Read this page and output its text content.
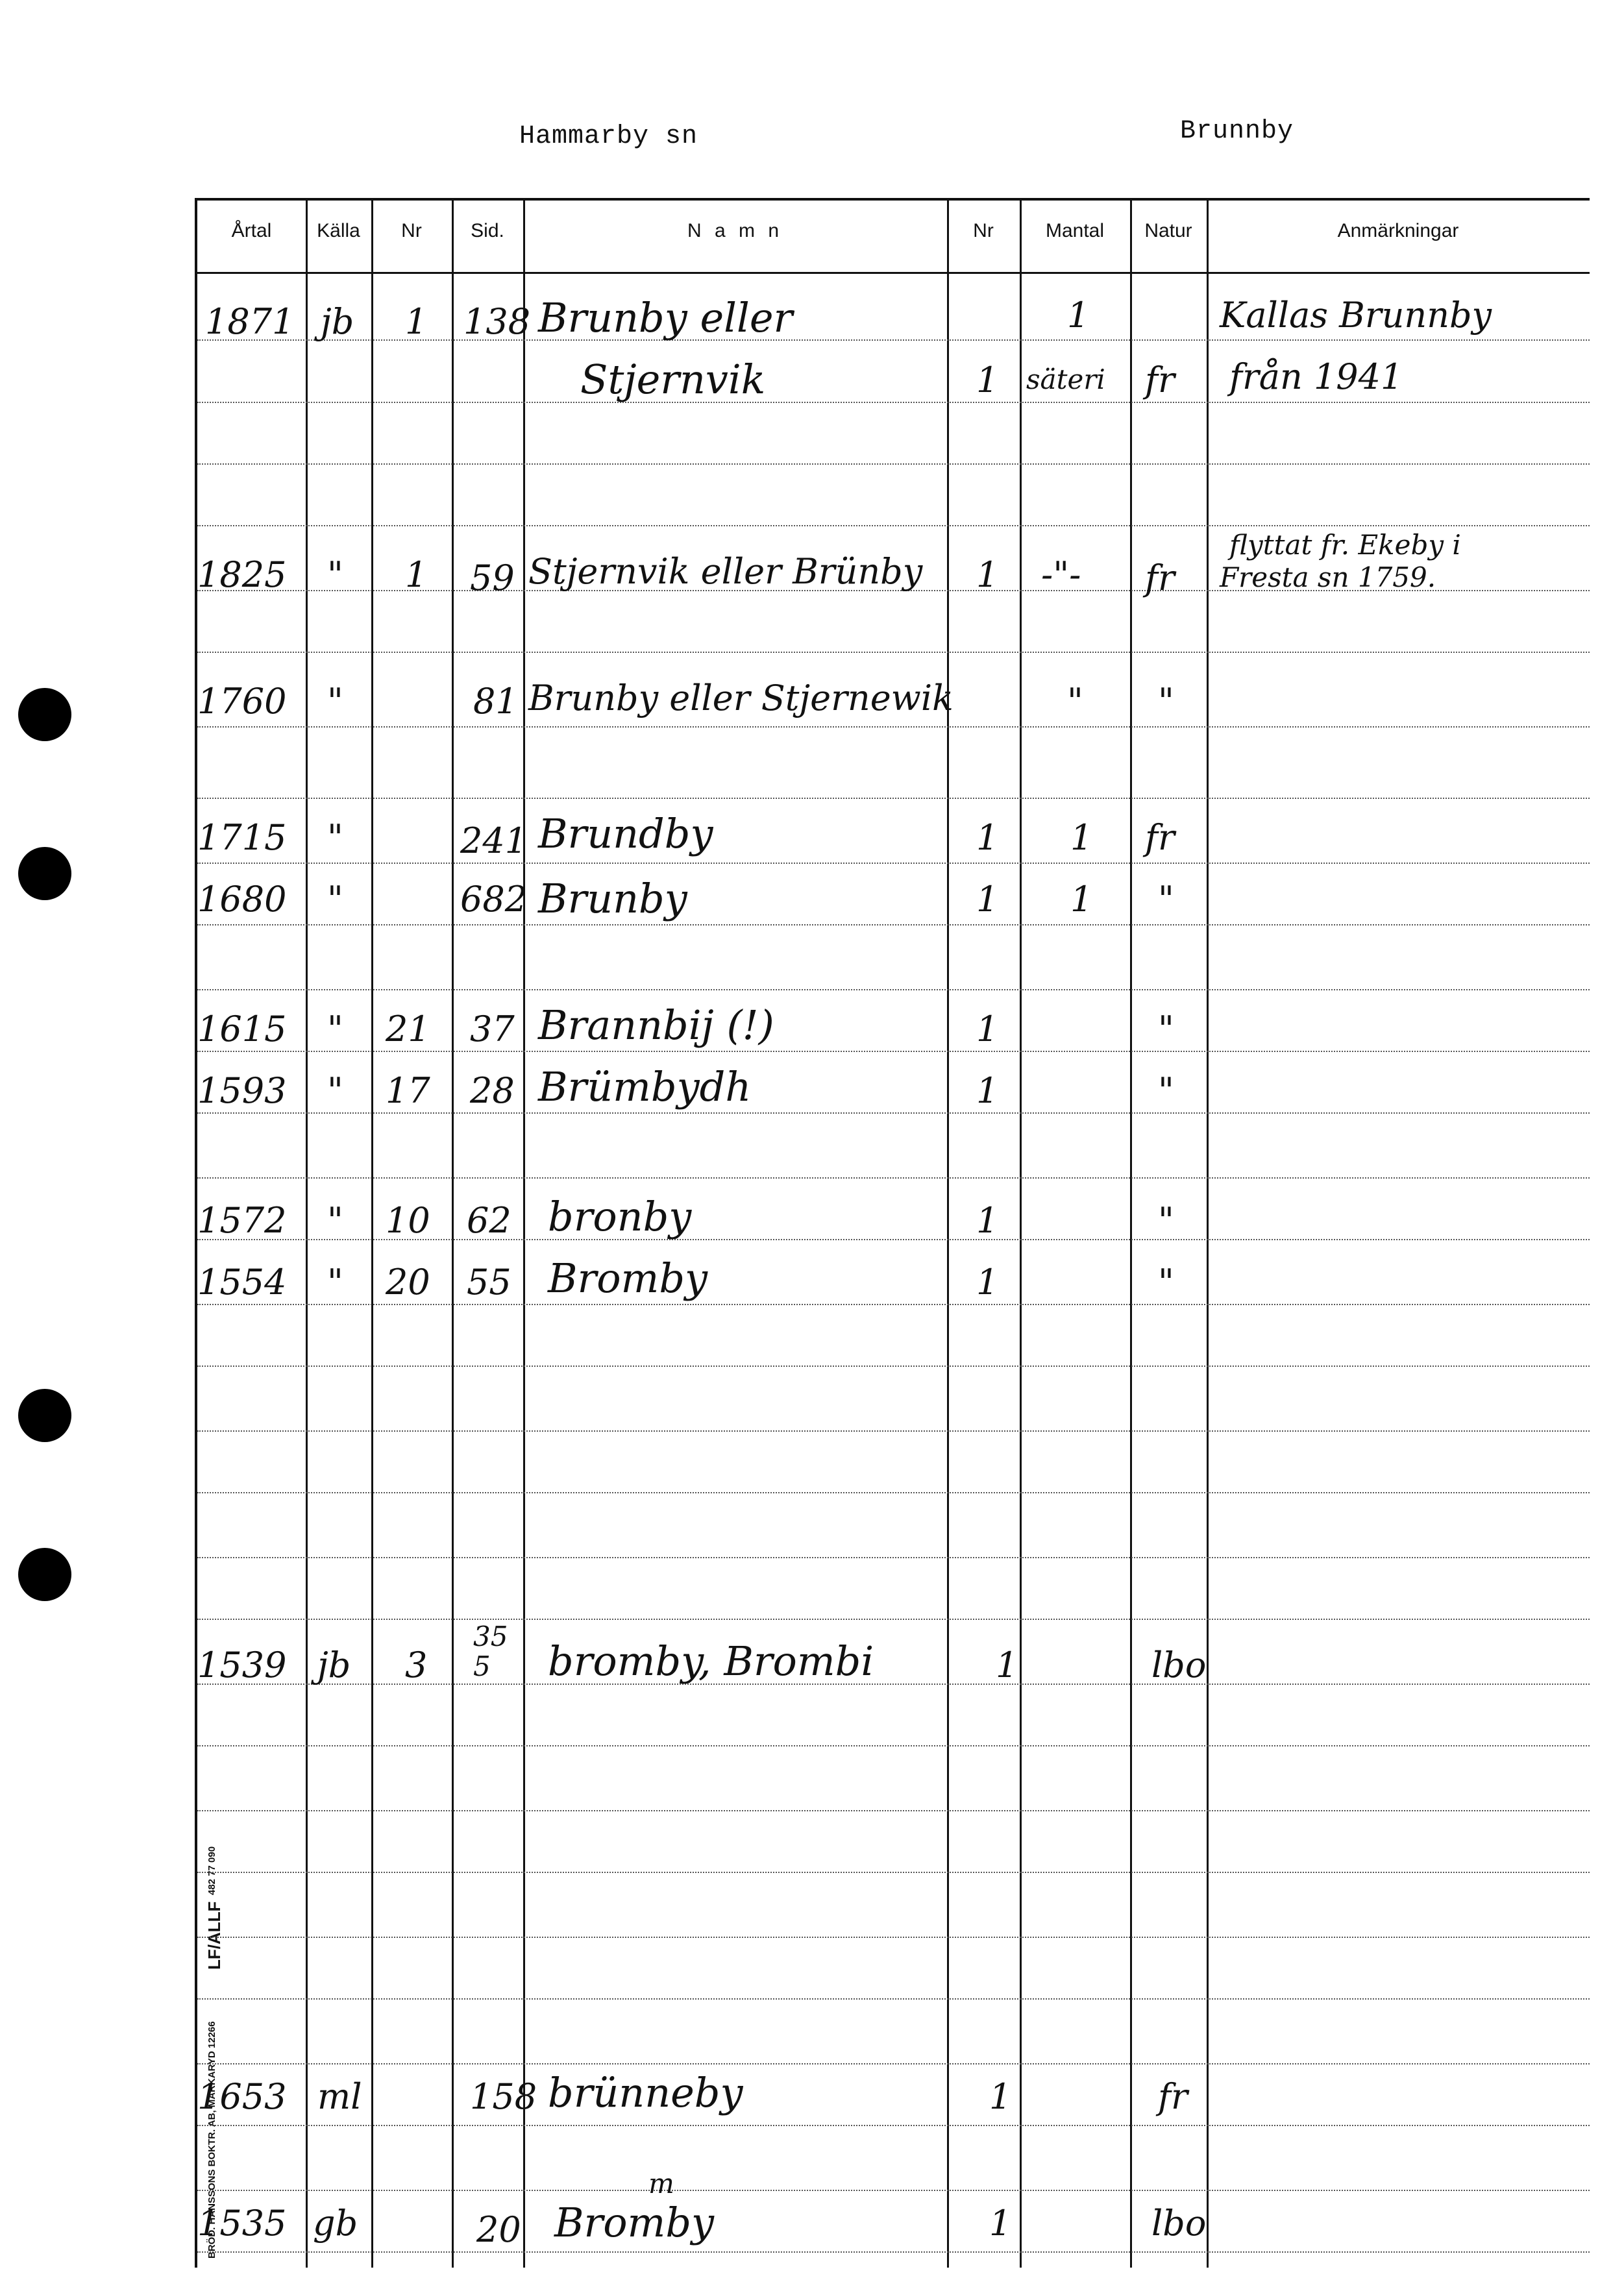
Hammarby sn	Brunnby
BRÖD. HANSSONS BOKTR. AB, MARKARYD 12266
LF/ALLF
482 77 090
Årtal	Källa	Nr	Sid.	N a m n	Nr	Mantal	Natur	Anmärkningar
1871 jb 1 138 Brunby eller	1	Kallas Brunnby
Stjernvik	1 säteri fr från 1941
1825 " 1 59 Stjernvik eller Brünby 1 -"- fr
flyttat fr. Ekeby i
Fresta sn 1759.
1760 "	81 Brunby eller Stjernewik	" "
1715 "	241 Brundby	1 1 fr
1680 "	682 Brunby	1 1 "
1615 " 21 37 Brannbij (!)	1	"
1593 " 17 28 Brümbydh	1	"
1572 " 10 62 bronby	1	"
1554 " 20 55 Bromby	1	"
1539 jb 3
35 5	bromby, Brombi	1	lbo
1653 ml	158 brünneby	1	fr
1535 gb	20 Bromby
m
1	lbo
